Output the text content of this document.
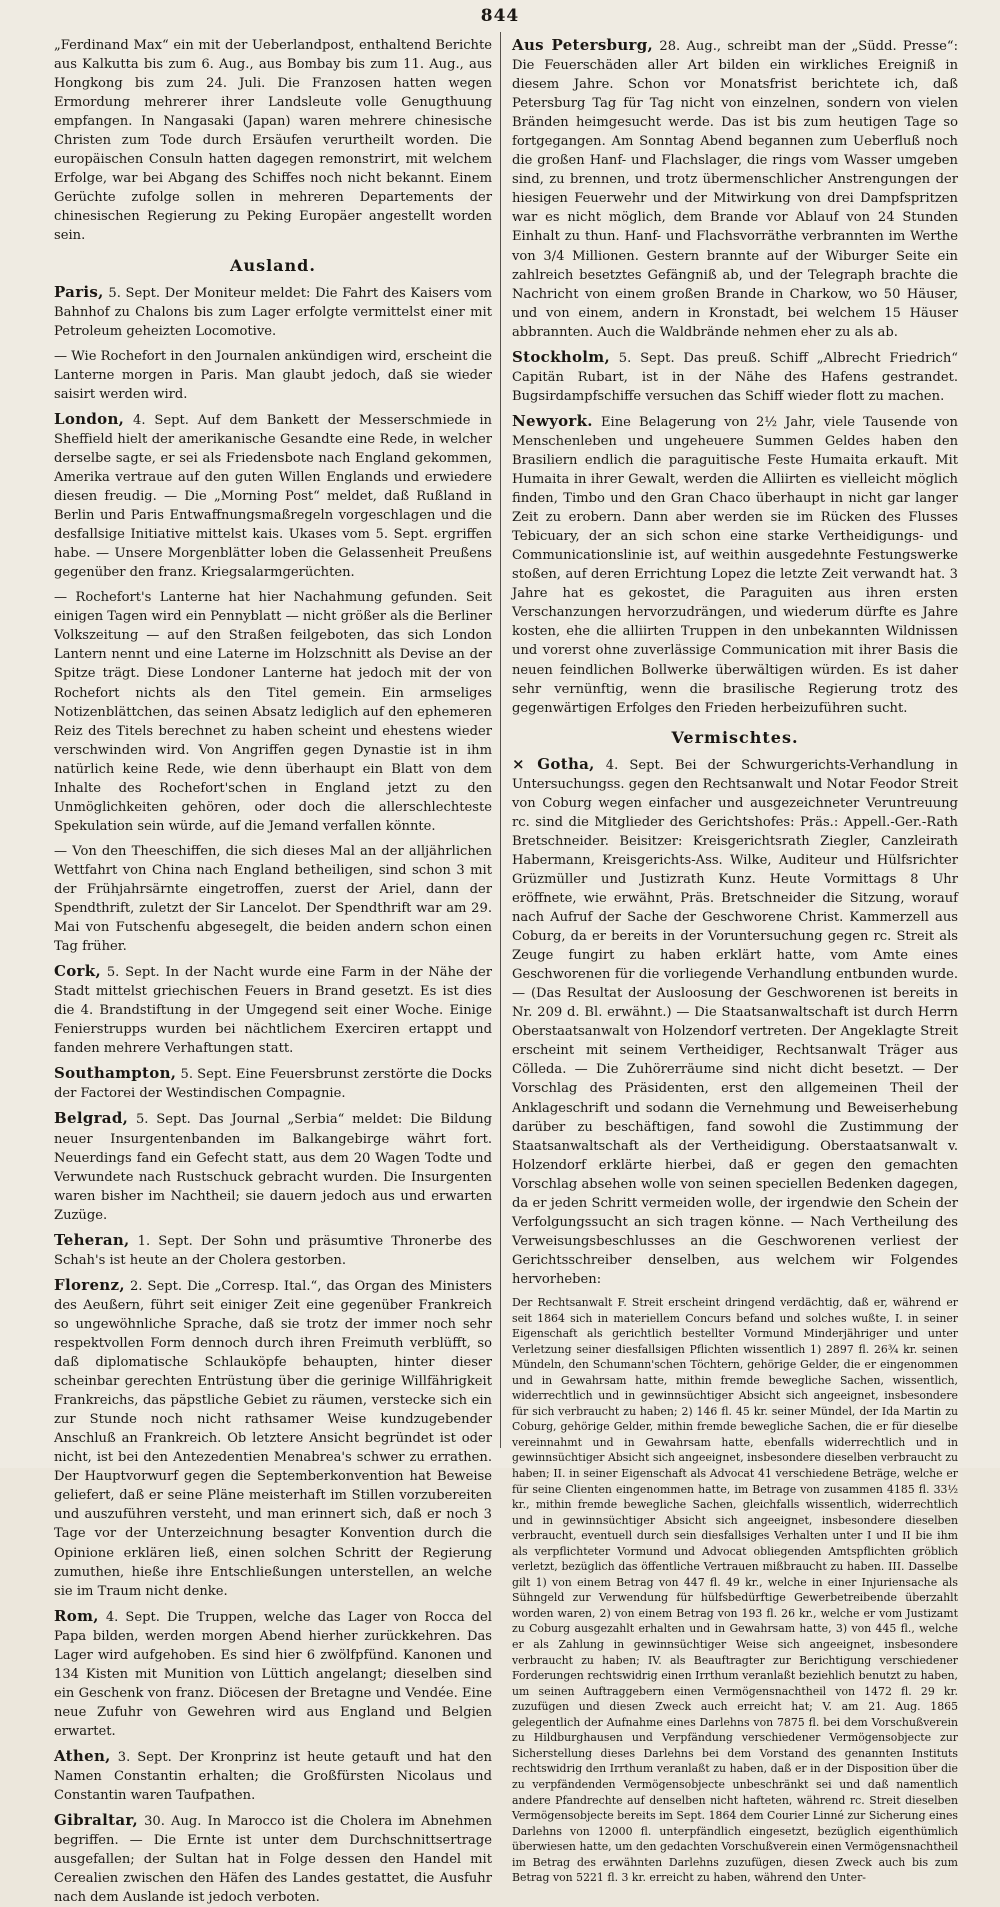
844

„Ferdinand Max“ ein mit der Ueberlandpost, enthaltend Berichte aus Kalkutta bis zum 6. Aug., aus Bombay bis zum 11. Aug., aus Hongkong bis zum 24. Juli. Die Franzosen hatten wegen Ermordung mehrerer ihrer Landsleute volle Genugthuung empfangen. In Nangasaki (Japan) waren mehrere chinesische Christen zum Tode durch Ersäufen verurtheilt worden. Die europäischen Consuln hatten dagegen remonstrirt, mit welchem Erfolge, war bei Abgang des Schiffes noch nicht bekannt. Einem Gerüchte zufolge sollen in mehreren Departements der chinesischen Regierung zu Peking Europäer angestellt worden sein.

Ausland.

Paris, 5. Sept. Der Moniteur meldet: Die Fahrt des Kaisers vom Bahnhof zu Chalons bis zum Lager erfolgte vermittelst einer mit Petroleum geheizten Locomotive.

— Wie Rochefort in den Journalen ankündigen wird, erscheint die Lanterne morgen in Paris. Man glaubt jedoch, daß sie wieder saisirt werden wird.

London, 4. Sept. Auf dem Bankett der Messerschmiede in Sheffield hielt der amerikanische Gesandte eine Rede, in welcher derselbe sagte, er sei als Friedensbote nach England gekommen, Amerika vertraue auf den guten Willen Englands und erwiedere diesen freudig. — Die „Morning Post“ meldet, daß Rußland in Berlin und Paris Entwaffnungsmaßregeln vorgeschlagen und die desfallsige Initiative mittelst kais. Ukases vom 5. Sept. ergriffen habe. — Unsere Morgenblätter loben die Gelassenheit Preußens gegenüber den franz. Kriegsalarmgerüchten.

— Rochefort's Lanterne hat hier Nachahmung gefunden. Seit einigen Tagen wird ein Pennyblatt — nicht größer als die Berliner Volkszeitung — auf den Straßen feilgeboten, das sich London Lantern nennt und eine Laterne im Holzschnitt als Devise an der Spitze trägt. Diese Londoner Lanterne hat jedoch mit der von Rochefort nichts als den Titel gemein. Ein armseliges Notizenblättchen, das seinen Absatz lediglich auf den ephemeren Reiz des Titels berechnet zu haben scheint und ehestens wieder verschwinden wird. Von Angriffen gegen Dynastie ist in ihm natürlich keine Rede, wie denn überhaupt ein Blatt von dem Inhalte des Rochefort'schen in England jetzt zu den Unmöglichkeiten gehören, oder doch die allerschlechteste Spekulation sein würde, auf die Jemand verfallen könnte.

— Von den Theeschiffen, die sich dieses Mal an der alljährlichen Wettfahrt von China nach England betheiligen, sind schon 3 mit der Frühjahrsärnte eingetroffen, zuerst der Ariel, dann der Spendthrift, zuletzt der Sir Lancelot. Der Spendthrift war am 29. Mai von Futschenfu abgesegelt, die beiden andern schon einen Tag früher.

Cork, 5. Sept. In der Nacht wurde eine Farm in der Nähe der Stadt mittelst griechischen Feuers in Brand gesetzt. Es ist dies die 4. Brandstiftung in der Umgegend seit einer Woche. Einige Fenierstrupps wurden bei nächtlichem Exerciren ertappt und fanden mehrere Verhaftungen statt.

Southampton, 5. Sept. Eine Feuersbrunst zerstörte die Docks der Factorei der Westindischen Compagnie.

Belgrad, 5. Sept. Das Journal „Serbia“ meldet: Die Bildung neuer Insurgentenbanden im Balkangebirge währt fort. Neuerdings fand ein Gefecht statt, aus dem 20 Wagen Todte und Verwundete nach Rustschuck gebracht wurden. Die Insurgenten waren bisher im Nachtheil; sie dauern jedoch aus und erwarten Zuzüge.

Teheran, 1. Sept. Der Sohn und präsumtive Thronerbe des Schah's ist heute an der Cholera gestorben.

Florenz, 2. Sept. Die „Corresp. Ital.“, das Organ des Ministers des Aeußern, führt seit einiger Zeit eine gegenüber Frankreich so ungewöhnliche Sprache, daß sie trotz der immer noch sehr respektvollen Form dennoch durch ihren Freimuth verblüfft, so daß diplomatische Schlauköpfe behaupten, hinter dieser scheinbar gerechten Entrüstung über die gerinige Willfährigkeit Frankreichs, das päpstliche Gebiet zu räumen, verstecke sich ein zur Stunde noch nicht rathsamer Weise kundzugebender Anschluß an Frankreich. Ob letztere Ansicht begründet ist oder nicht, ist bei den Antezedentien Menabrea's schwer zu errathen. Der Hauptvorwurf gegen die Septemberkonvention hat Beweise geliefert, daß er seine Pläne meisterhaft im Stillen vorzubereiten und auszuführen versteht, und man erinnert sich, daß er noch 3 Tage vor der Unterzeichnung besagter Konvention durch die Opinione erklären ließ, einen solchen Schritt der Regierung zumuthen, hieße ihre Entschließungen unterstellen, an welche sie im Traum nicht denke.

Rom, 4. Sept. Die Truppen, welche das Lager von Rocca del Papa bilden, werden morgen Abend hierher zurückkehren. Das Lager wird aufgehoben. Es sind hier 6 zwölfpfünd. Kanonen und 134 Kisten mit Munition von Lüttich angelangt; dieselben sind ein Geschenk von franz. Diöcesen der Bretagne und Vendée. Eine neue Zufuhr von Gewehren wird aus England und Belgien erwartet.

Athen, 3. Sept. Der Kronprinz ist heute getauft und hat den Namen Constantin erhalten; die Großfürsten Nicolaus und Constantin waren Taufpathen.

Gibraltar, 30. Aug. In Marocco ist die Cholera im Abnehmen begriffen. — Die Ernte ist unter dem Durchschnittsertrage ausgefallen; der Sultan hat in Folge dessen den Handel mit Cerealien zwischen den Häfen des Landes gestattet, die Ausfuhr nach dem Auslande ist jedoch verboten.

Aus Petersburg, 28. Aug., schreibt man der „Südd. Presse“: Die Feuerschäden aller Art bilden ein wirkliches Ereigniß in diesem Jahre. Schon vor Monatsfrist berichtete ich, daß Petersburg Tag für Tag nicht von einzelnen, sondern von vielen Bränden heimgesucht werde. Das ist bis zum heutigen Tage so fortgegangen. Am Sonntag Abend begannen zum Ueberfluß noch die großen Hanf- und Flachslager, die rings vom Wasser umgeben sind, zu brennen, und trotz übermenschlicher Anstrengungen der hiesigen Feuerwehr und der Mitwirkung von drei Dampfspritzen war es nicht möglich, dem Brande vor Ablauf von 24 Stunden Einhalt zu thun. Hanf- und Flachsvorräthe verbrannten im Werthe von 3/4 Millionen. Gestern brannte auf der Wiburger Seite ein zahlreich besetztes Gefängniß ab, und der Telegraph brachte die Nachricht von einem großen Brande in Charkow, wo 50 Häuser, und von einem, andern in Kronstadt, bei welchem 15 Häuser abbrannten. Auch die Waldbrände nehmen eher zu als ab.

Stockholm, 5. Sept. Das preuß. Schiff „Albrecht Friedrich“ Capitän Rubart, ist in der Nähe des Hafens gestrandet. Bugsirdampfschiffe versuchen das Schiff wieder flott zu machen.

Newyork. Eine Belagerung von 2½ Jahr, viele Tausende von Menschenleben und ungeheuere Summen Geldes haben den Brasiliern endlich die paraguitische Feste Humaita erkauft. Mit Humaita in ihrer Gewalt, werden die Alliirten es vielleicht möglich finden, Timbo und den Gran Chaco überhaupt in nicht gar langer Zeit zu erobern. Dann aber werden sie im Rücken des Flusses Tebicuary, der an sich schon eine starke Vertheidigungs- und Communicationslinie ist, auf weithin ausgedehnte Festungswerke stoßen, auf deren Errichtung Lopez die letzte Zeit verwandt hat. 3 Jahre hat es gekostet, die Paraguiten aus ihren ersten Verschanzungen hervorzudrängen, und wiederum dürfte es Jahre kosten, ehe die alliirten Truppen in den unbekannten Wildnissen und vorerst ohne zuverlässige Communication mit ihrer Basis die neuen feindlichen Bollwerke überwältigen würden. Es ist daher sehr vernünftig, wenn die brasilische Regierung trotz des gegenwärtigen Erfolges den Frieden herbeizuführen sucht.

Vermischtes.

× Gotha, 4. Sept. Bei der Schwurgerichts-Verhandlung in Untersuchungss. gegen den Rechtsanwalt und Notar Feodor Streit von Coburg wegen einfacher und ausgezeichneter Veruntreuung rc. sind die Mitglieder des Gerichtshofes: Präs.: Appell.-Ger.-Rath Bretschneider. Beisitzer: Kreisgerichtsrath Ziegler, Canzleirath Habermann, Kreisgerichts-Ass. Wilke, Auditeur und Hülfsrichter Grüzmüller und Justizrath Kunz. Heute Vormittags 8 Uhr eröffnete, wie erwähnt, Präs. Bretschneider die Sitzung, worauf nach Aufruf der Sache der Geschworene Christ. Kammerzell aus Coburg, da er bereits in der Voruntersuchung gegen rc. Streit als Zeuge fungirt zu haben erklärt hatte, vom Amte eines Geschworenen für die vorliegende Verhandlung entbunden wurde. — (Das Resultat der Ausloosung der Geschworenen ist bereits in Nr. 209 d. Bl. erwähnt.) — Die Staatsanwaltschaft ist durch Herrn Oberstaatsanwalt von Holzendorf vertreten. Der Angeklagte Streit erscheint mit seinem Vertheidiger, Rechtsanwalt Träger aus Cölleda. — Die Zuhörerräume sind nicht dicht besetzt. — Der Vorschlag des Präsidenten, erst den allgemeinen Theil der Anklageschrift und sodann die Vernehmung und Beweiserhebung darüber zu beschäftigen, fand sowohl die Zustimmung der Staatsanwaltschaft als der Vertheidigung. Oberstaatsanwalt v. Holzendorf erklärte hierbei, daß er gegen den gemachten Vorschlag absehen wolle von seinen speciellen Bedenken dagegen, da er jeden Schritt vermeiden wolle, der irgendwie den Schein der Verfolgungssucht an sich tragen könne. — Nach Vertheilung des Verweisungsbeschlusses an die Geschworenen verliest der Gerichtsschreiber denselben, aus welchem wir Folgendes hervorheben:

Der Rechtsanwalt F. Streit erscheint dringend verdächtig, daß er, während er seit 1864 sich in materiellem Concurs befand und solches wußte, I. in seiner Eigenschaft als gerichtlich bestellter Vormund Minderjähriger und unter Verletzung seiner diesfallsigen Pflichten wissentlich 1) 2897 fl. 26¾ kr. seinen Mündeln, den Schumann'schen Töchtern, gehörige Gelder, die er eingenommen und in Gewahrsam hatte, mithin fremde bewegliche Sachen, wissentlich, widerrechtlich und in gewinnsüchtiger Absicht sich angeeignet, insbesondere für sich verbraucht zu haben; 2) 146 fl. 45 kr. seiner Mündel, der Ida Martin zu Coburg, gehörige Gelder, mithin fremde bewegliche Sachen, die er für dieselbe vereinnahmt und in Gewahrsam hatte, ebenfalls widerrechtlich und in gewinnsüchtiger Absicht sich angeeignet, insbesondere dieselben verbraucht zu haben; II. in seiner Eigenschaft als Advocat 41 verschiedene Beträge, welche er für seine Clienten eingenommen hatte, im Betrage von zusammen 4185 fl. 33½ kr., mithin fremde bewegliche Sachen, gleichfalls wissentlich, widerrechtlich und in gewinnsüchtiger Absicht sich angeeignet, insbesondere dieselben verbraucht, eventuell durch sein diesfallsiges Verhalten unter I und II bie ihm als verpflichteter Vormund und Advocat obliegenden Amtspflichten gröblich verletzt, bezüglich das öffentliche Vertrauen mißbraucht zu haben. III. Dasselbe gilt 1) von einem Betrag von 447 fl. 49 kr., welche in einer Injuriensache als Sühngeld zur Verwendung für hülfsbedürftige Gewerbetreibende überzahlt worden waren, 2) von einem Betrag von 193 fl. 26 kr., welche er vom Justizamt zu Coburg ausgezahlt erhalten und in Gewahrsam hatte, 3) von 445 fl., welche er als Zahlung in gewinnsüchtiger Weise sich angeeignet, insbesondere verbraucht zu haben; IV. als Beauftragter zur Berichtigung verschiedener Forderungen rechtswidrig einen Irrthum veranlaßt beziehlich benutzt zu haben, um seinen Auftraggebern einen Vermögensnachtheil von 1472 fl. 29 kr. zuzufügen und diesen Zweck auch erreicht hat; V. am 21. Aug. 1865 gelegentlich der Aufnahme eines Darlehns von 7875 fl. bei dem Vorschußverein zu Hildburghausen und Verpfändung verschiedener Vermögensobjecte zur Sicherstellung dieses Darlehns bei dem Vorstand des genannten Instituts rechtswidrig den Irrthum veranlaßt zu haben, daß er in der Disposition über die zu verpfändenden Vermögensobjecte unbeschränkt sei und daß namentlich andere Pfandrechte auf denselben nicht hafteten, während rc. Streit dieselben Vermögensobjecte bereits im Sept. 1864 dem Courier Linné zur Sicherung eines Darlehns von 12000 fl. unterpfändlich eingesetzt, bezüglich eigenthümlich überwiesen hatte, um den gedachten Vorschußverein einen Vermögensnachtheil im Betrag des erwähnten Darlehns zuzufügen, diesen Zweck auch bis zum Betrag von 5221 fl. 3 kr. erreicht zu haben, während den Unter-
